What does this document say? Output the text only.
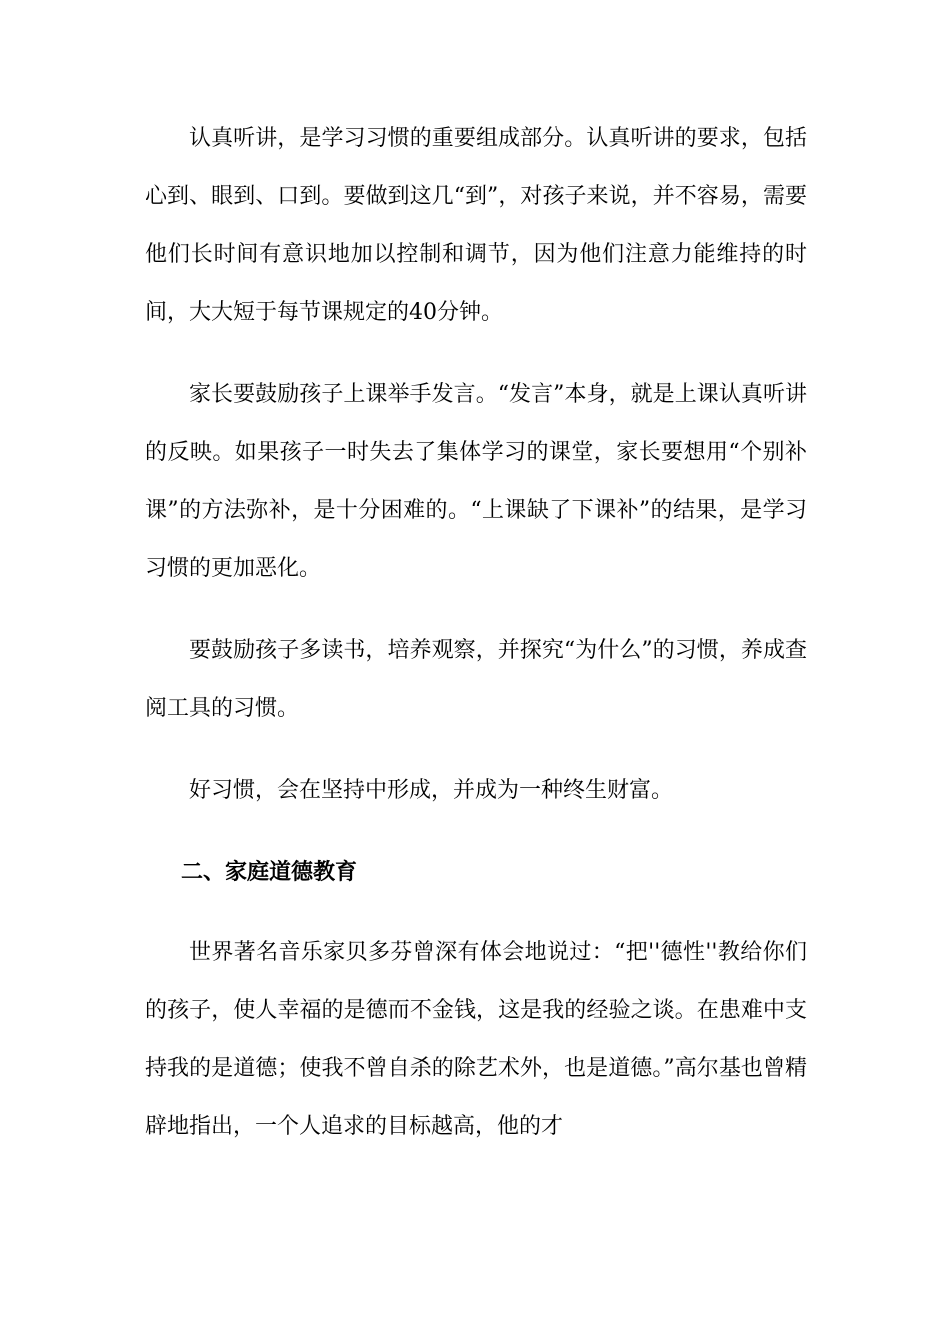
认真听讲，是学习习惯的重要组成部分。认真听讲的要求，包括心到、眼到、口到。要做到这几“到”，对孩子来说，并不容易，需要他们长时间有意识地加以控制和调节，因为他们注意力能维持的时间，大大短于每节课规定的40分钟。

家长要鼓励孩子上课举手发言。“发言”本身，就是上课认真听讲的反映。如果孩子一时失去了集体学习的课堂，家长要想用“个别补课”的方法弥补，是十分困难的。“上课缺了下课补”的结果，是学习习惯的更加恶化。

要鼓励孩子多读书，培养观察，并探究“为什么”的习惯，养成查阅工具的习惯。

好习惯，会在坚持中形成，并成为一种终生财富。

二、家庭道德教育

世界著名音乐家贝多芬曾深有体会地说过：“把''德性''教给你们的孩子，使人幸福的是德而不金钱，这是我的经验之谈。在患难中支持我的是道德；使我不曾自杀的除艺术外，也是道德。”高尔基也曾精辟地指出，一个人追求的目标越高，他的才
